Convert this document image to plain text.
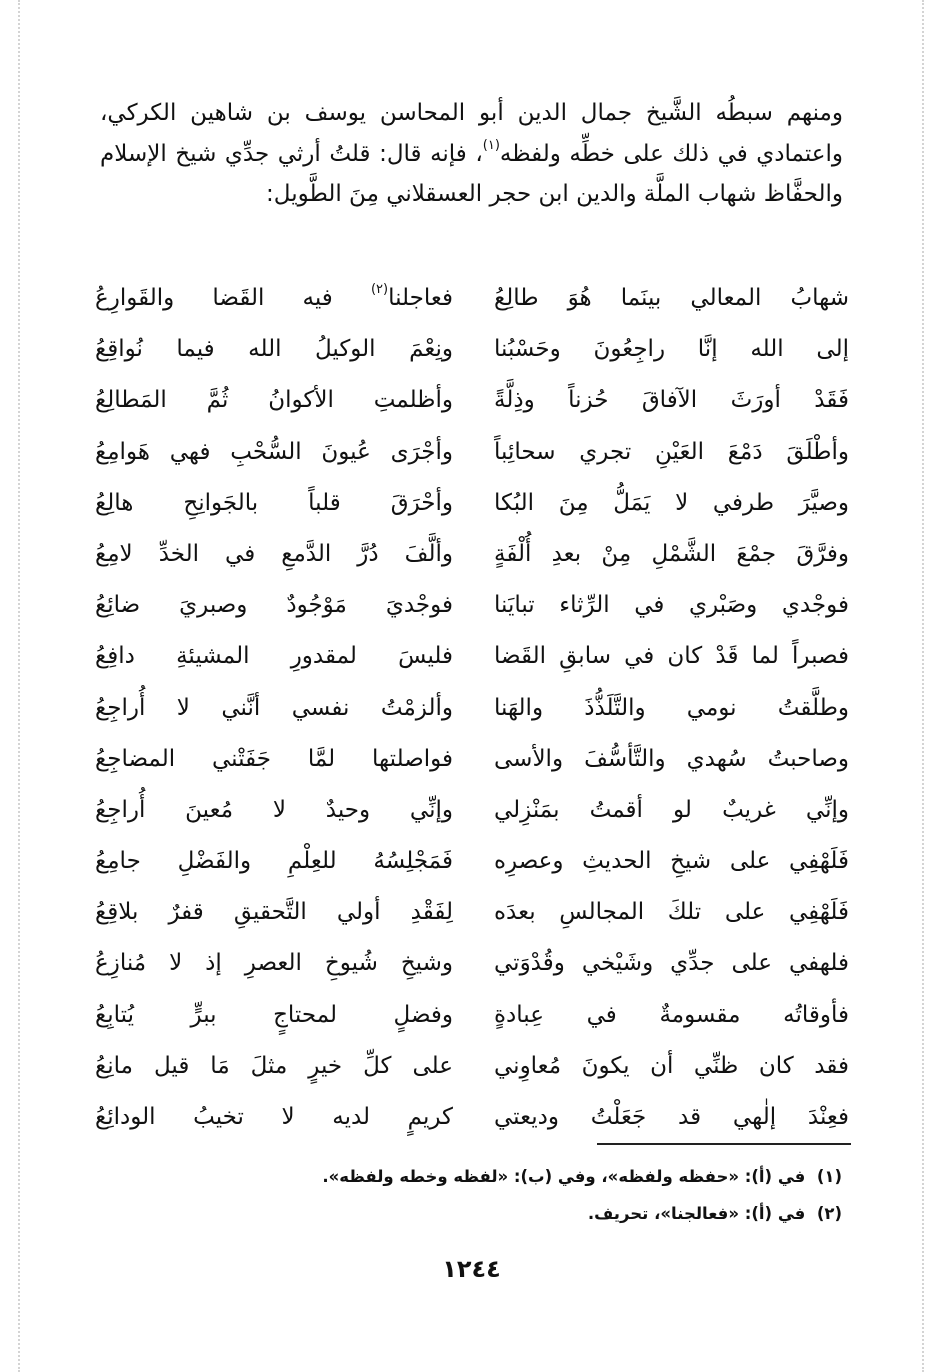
ومنهم سبطُه الشَّيخ جمال الدين أبو المحاسن يوسف بن شاهين الكركي، واعتمادي في ذلك على خطِّه ولفظه$^{(١)}$، فإنه قال: قلتُ أرثي جدِّي شيخ الإسلام والحفَّاظ شهاب الملَّة والدين ابن حجر العسقلاني مِنَ الطَّويل:

شهابُ المعالي بينَما هُوَ طالِعُ
فعاجلنا$^{(٢)}$ فيه القَضا والقَوارِعُ
إلى الله إنَّا راجِعُونَ وحَسْبُنا
ونِعْمَ الوكيلُ الله فيما نُواقِعُ
فَقَدْ أورَثَ الآفاقَ حُزناً وذِلَّةً
وأظلمتِ الأكوانُ ثُمَّ المَطالِعُ
وأطْلَقَ دَمْعَ العَيْنِ تجري سحائِباً
وأجْرَى عُيونَ السُّحْبِ فهي هَوامِعُ
وصيَّرَ طرفي لا يَمَلُّ مِنَ البُكا
وأحْرَقَ قلباً بالجَوانِحِ هالِعُ
وفرَّقَ جمْعَ الشَّمْلِ مِنْ بعدِ أُلْفَةٍ
وألَّفَ دُرَّ الدَّمعِ في الخدِّ لامِعُ
فوجْدي وصَبْري في الرِّثاء تبايَنا
فوجْديَ مَوْجُودٌ وصبريَ ضائِعُ
فصبراً لما قَدْ كان في سابقِ القَضا
فليسَ لمقدورِ المشيئةِ دافِعُ
وطلَّقتُ نومي والتَّلَذُّذَ والهَنا
وألزمْتُ نفسي أنَّني لا أُراجِعُ
وصاحبتُ سُهدي والتَّأسُّفَ والأسى
فواصلتها لمَّا جَفَتْني المضاجِعُ
وإنِّي غريبٌ لو أقمتُ بمَنْزِلي
وإنِّي وحيدٌ لا مُعينَ أُراجِعُ
فَلَهْفِي على شيخِ الحديثِ وعصرِه
فَمَجْلِسُهُ للعِلْمِ والفَضْلِ جامِعُ
فَلَهْفِي على تلكَ المجالسِ بعدَه
لِفَقْدِ أولي التَّحقيقِ قفرٌ بلاقِعُ
فلهفي على جدِّي وشَيْخي وقُدْوَتي
وشيخِ شُيوخِ العصرِ إذ لا مُنازِعُ
فأوقاتُه مقسومةٌ في عِبادةٍ
وفضلٍ لمحتاجٍ ببرٍّ يُتابِعُ
فقد كان ظنِّي أن يكونَ مُعاوِني
على كلِّ خيرٍ مثلَ مَا قيل مانِعُ
فعِنْدَ إلٰهي قد جَعَلْتُ وديعتي
كريمٍ لديه لا تخيبُ الودائِعُ
(١)  في (أ): «حفظه ولفظه»، وفي (ب): «لفظه وخطه ولفظه».
(٢)  في (أ): «فعالجنا»، تحريف.
١٢٤٤
